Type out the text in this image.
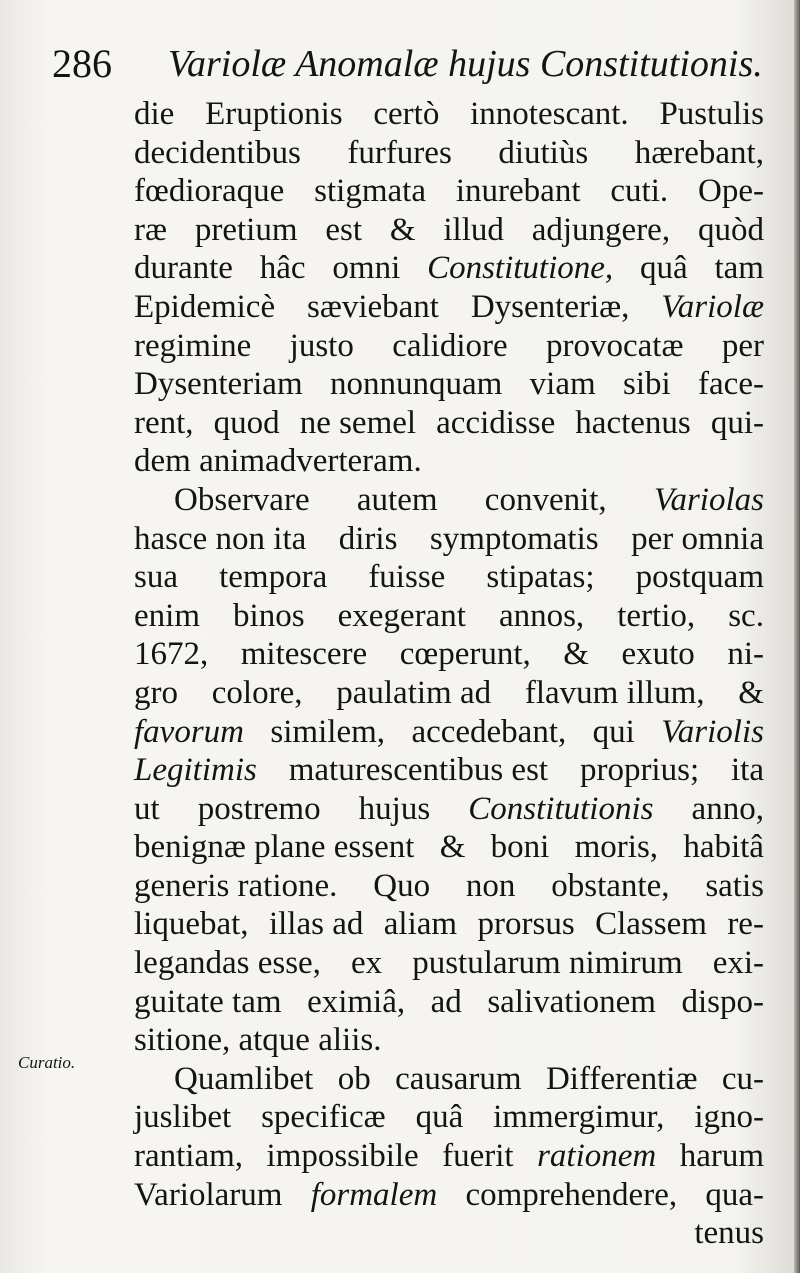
286 Variolæ Anomalæ hujus Constitutionis.
Curatio.
die Eruptionis certò innotescant. Pustulis
decidentibus furfures diutiùs hærebant,
fœdioraque stigmata inurebant cuti. Ope-
ræ pretium est & illud adjungere, quòd
durante hâc omni Constitutione, quâ tam
Epidemicè sæviebant Dysenteriæ, Variolæ
regimine justo calidiore provocatæ per
Dysenteriam nonnunquam viam sibi face-
rent, quod ne semel accidisse hactenus qui-
dem animadverteram.
Observare autem convenit, Variolas
hasce non ita diris symptomatis per omnia
sua tempora fuisse stipatas; postquam
enim binos exegerant annos, tertio, sc.
1672, mitescere cœperunt, & exuto ni-
gro colore, paulatim ad flavum illum, &
favorum similem, accedebant, qui Variolis
Legitimis maturescentibus est proprius; ita
ut postremo hujus Constitutionis anno,
benignæ plane essent & boni moris, habitâ
generis ratione. Quo non obstante, satis
liquebat, illas ad aliam prorsus Classem re-
legandas esse, ex pustularum nimirum exi-
guitate tam eximiâ, ad salivationem dispo-
sitione, atque aliis.
Quamlibet ob causarum Differentiæ cu-
juslibet specificæ quâ immergimur, igno-
rantiam, impossibile fuerit rationem harum
Variolarum formalem comprehendere, qua-
tenus
